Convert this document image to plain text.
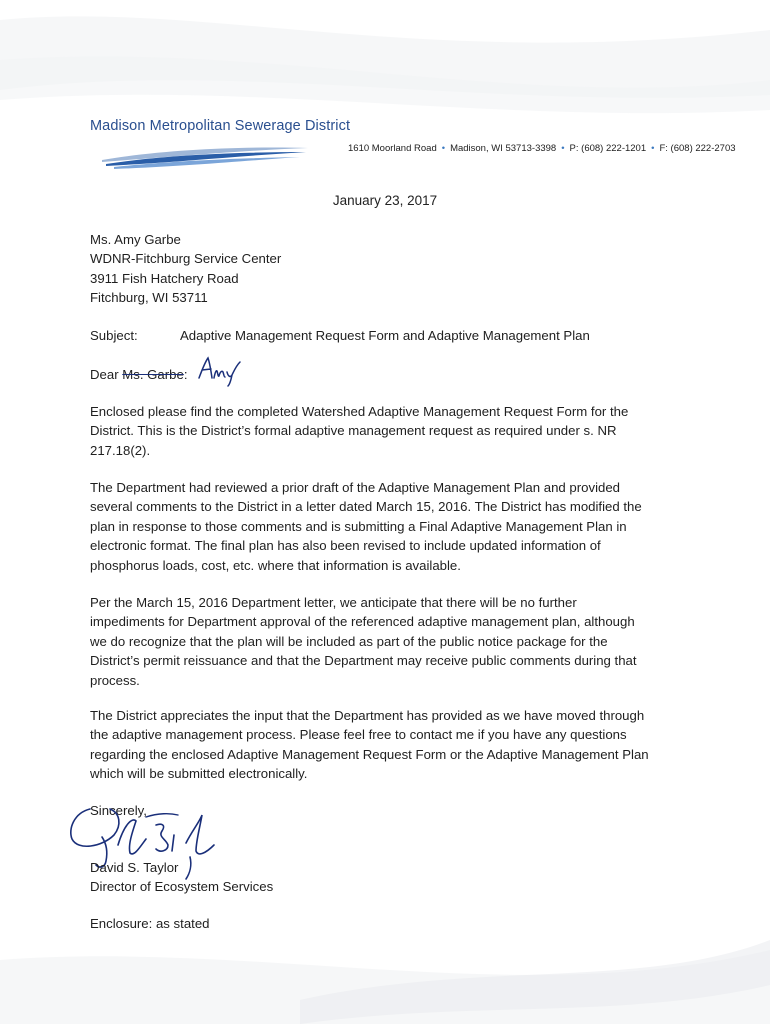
Madison Metropolitan Sewerage District
1610 Moorland Road • Madison, WI 53713-3398 • P: (608) 222-1201 • F: (608) 222-2703
January 23, 2017
Ms. Amy Garbe
WDNR-Fitchburg Service Center
3911 Fish Hatchery Road
Fitchburg, WI 53711
Subject:	Adaptive Management Request Form and Adaptive Management Plan
Dear Ms. Garbe:
Enclosed please find the completed Watershed Adaptive Management Request Form for the
District. This is the District’s formal adaptive management request as required under s. NR
217.18(2).
The Department had reviewed a prior draft of the Adaptive Management Plan and provided
several comments to the District in a letter dated March 15, 2016. The District has modified the
plan in response to those comments and is submitting a Final Adaptive Management Plan in
electronic format. The final plan has also been revised to include updated information of
phosphorus loads, cost, etc. where that information is available.
Per the March 15, 2016 Department letter, we anticipate that there will be no further
impediments for Department approval of the referenced adaptive management plan, although
we do recognize that the plan will be included as part of the public notice package for the
District’s permit reissuance and that the Department may receive public comments during that
process.
The District appreciates the input that the Department has provided as we have moved through
the adaptive management process. Please feel free to contact me if you have any questions
regarding the enclosed Adaptive Management Request Form or the Adaptive Management Plan
which will be submitted electronically.
Sincerely,
David S. Taylor
Director of Ecosystem Services
Enclosure: as stated
